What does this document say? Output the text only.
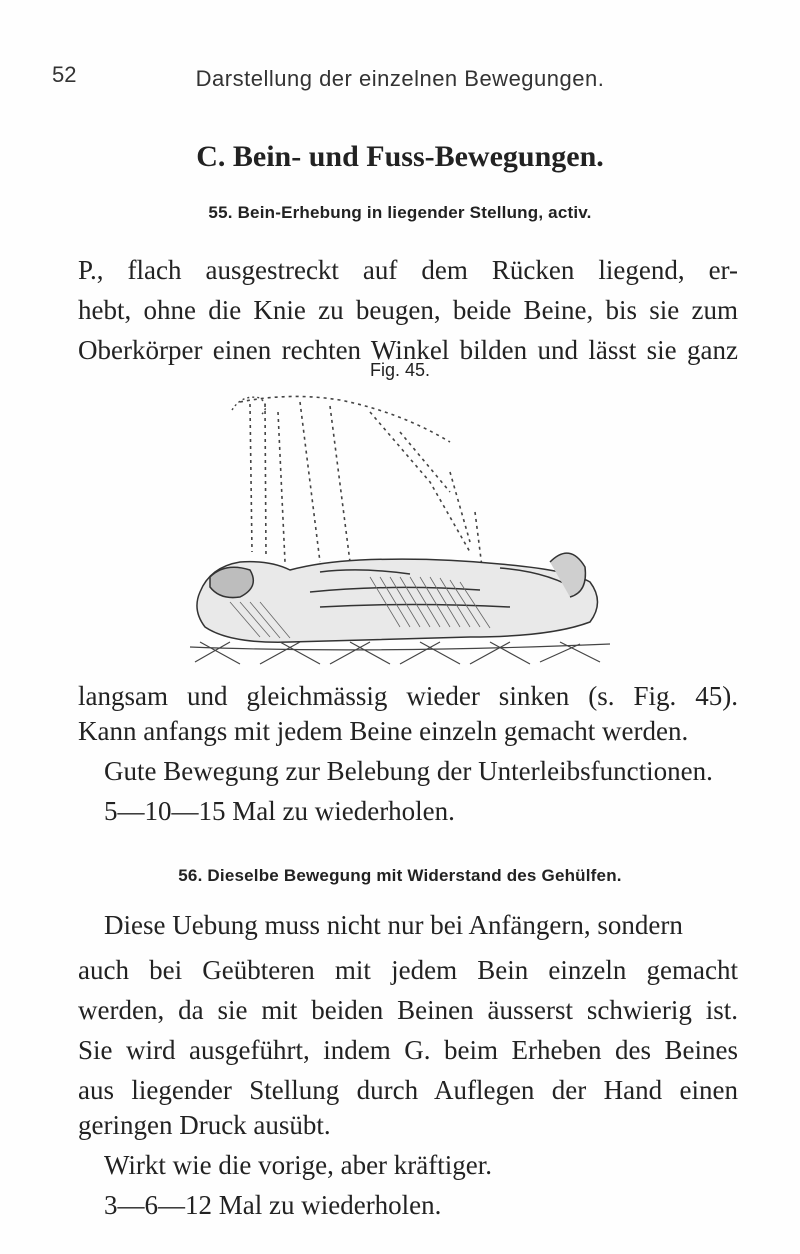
52	Darstellung der einzelnen Bewegungen.
C. Bein- und Fuss-Bewegungen.
55. Bein-Erhebung in liegender Stellung, activ.
P., flach ausgestreckt auf dem Rücken liegend, er-
hebt, ohne die Knie zu beugen, beide Beine, bis sie zum
Oberkörper einen rechten Winkel bilden und lässt sie ganz
Fig. 45.
langsam und gleichmässig wieder sinken (s. Fig. 45).
Kann anfangs mit jedem Beine einzeln gemacht werden.
Gute Bewegung zur Belebung der Unterleibsfunctionen.
5—10—15 Mal zu wiederholen.
56. Dieselbe Bewegung mit Widerstand des Gehülfen.
Diese Uebung muss nicht nur bei Anfängern, sondern
auch bei Geübteren mit jedem Bein einzeln gemacht
werden, da sie mit beiden Beinen äusserst schwierig ist.
Sie wird ausgeführt, indem G. beim Erheben des Beines
aus liegender Stellung durch Auflegen der Hand einen
geringen Druck ausübt.
Wirkt wie die vorige, aber kräftiger.
3—6—12 Mal zu wiederholen.
